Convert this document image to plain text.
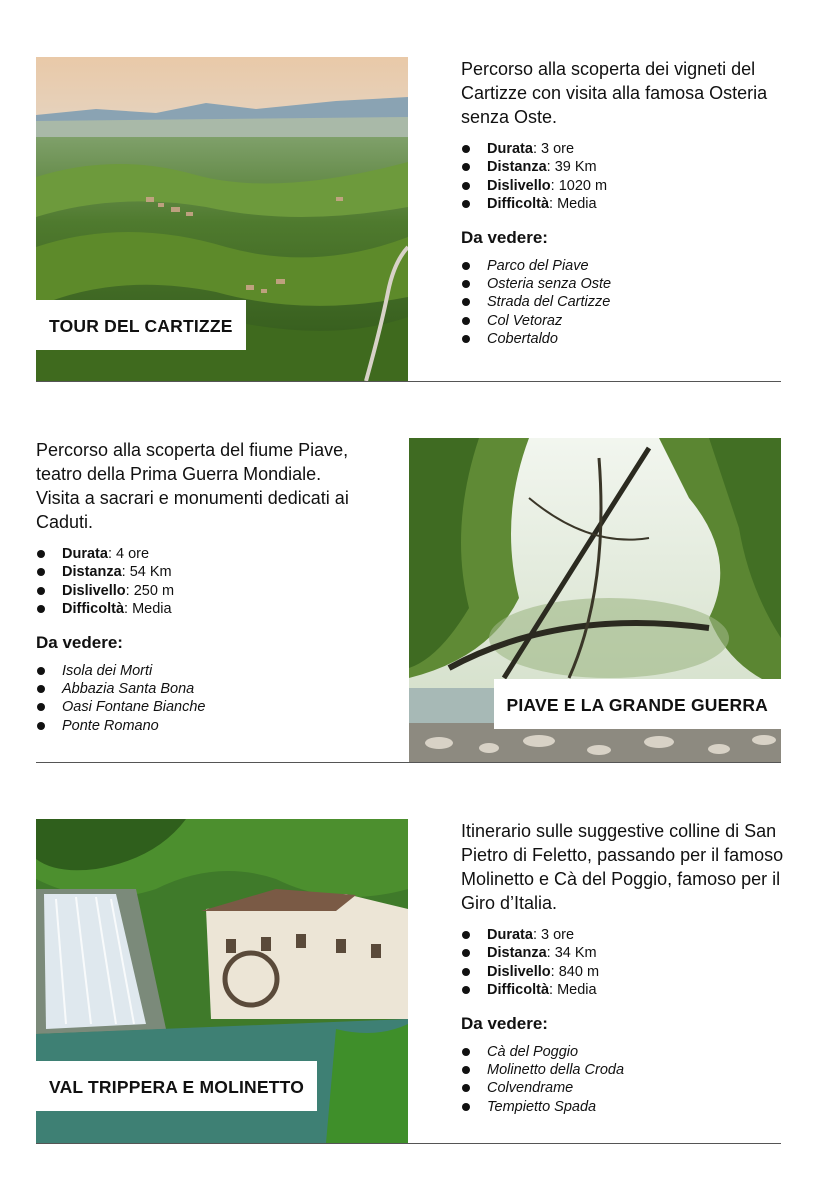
TOUR DEL CARTIZZE

Percorso alla scoperta dei vigneti del Cartizze con visita alla famosa Osteria senza Oste.

Durata: 3 ore
Distanza: 39 Km
Dislivello: 1020 m
Difficoltà: Media
Da vedere:
Parco del Piave
Osteria senza Oste
Strada del Cartizze
Col Vetoraz
Cobertaldo

Percorso alla scoperta del fiume Piave, teatro della Prima Guerra Mondiale. Visita a sacrari e monumenti dedicati ai Caduti.

Durata: 4 ore
Distanza: 54 Km
Dislivello: 250 m
Difficoltà: Media
Da vedere:
Isola dei Morti
Abbazia Santa Bona
Oasi Fontane Bianche
Ponte Romano
PIAVE E LA GRANDE GUERRA
VAL TRIPPERA E MOLINETTO

Itinerario sulle suggestive colline di San Pietro di Feletto, passando per il famoso Molinetto e Cà del Poggio, famoso per il Giro d’Italia.

Durata: 3 ore
Distanza: 34 Km
Dislivello: 840 m
Difficoltà: Media
Da vedere:
Cà del Poggio
Molinetto della Croda
Colvendrame
Tempietto Spada
